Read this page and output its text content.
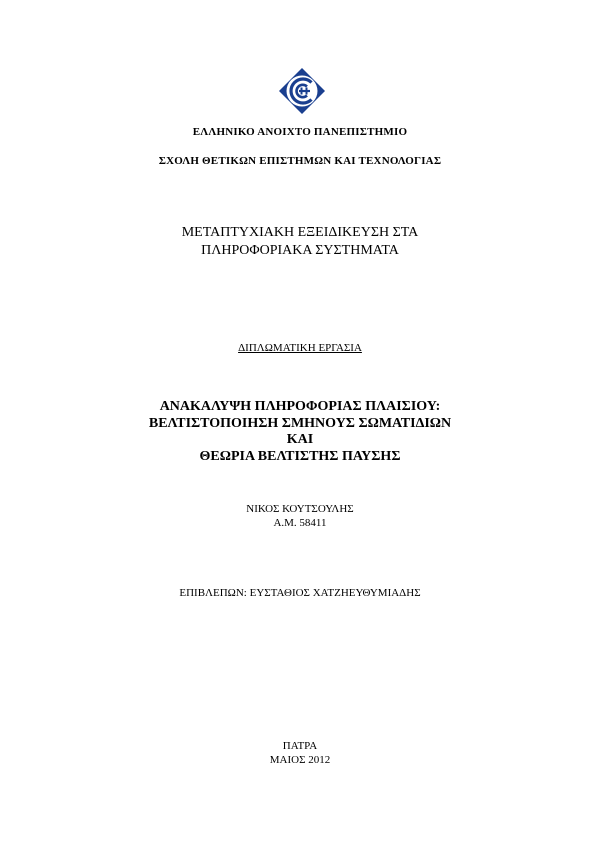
ΕΛΛΗΝΙΚΟ ΑΝΟΙΧΤΟ ΠΑΝΕΠΙΣΤΗΜΙΟ
ΣΧΟΛΗ ΘΕΤΙΚΩΝ ΕΠΙΣΤΗΜΩΝ ΚΑΙ ΤΕΧΝΟΛΟΓΙΑΣ
ΜΕΤΑΠΤΥΧΙΑΚΗ ΕΞΕΙΔΙΚΕΥΣΗ ΣΤΑ
ΠΛΗΡΟΦΟΡΙΑΚΑ ΣΥΣΤΗΜΑΤΑ
ΔΙΠΛΩΜΑΤΙΚΗ ΕΡΓΑΣΙΑ
ΑΝΑΚΑΛΥΨΗ ΠΛΗΡΟΦΟΡΙΑΣ ΠΛΑΙΣΙΟΥ:
ΒΕΛΤΙΣΤΟΠΟΙΗΣΗ ΣΜΗΝΟΥΣ ΣΩΜΑΤΙΔΙΩΝ
ΚΑΙ
ΘΕΩΡΙΑ ΒΕΛΤΙΣΤΗΣ ΠΑΥΣΗΣ
ΝΙΚΟΣ ΚΟΥΤΣΟΥΛΗΣ
Α.Μ. 58411
ΕΠΙΒΛΕΠΩΝ: ΕΥΣΤΑΘΙΟΣ ΧΑΤΖΗΕΥΘΥΜΙΑΔΗΣ
ΠΑΤΡΑ
ΜΑΙΟΣ 2012
